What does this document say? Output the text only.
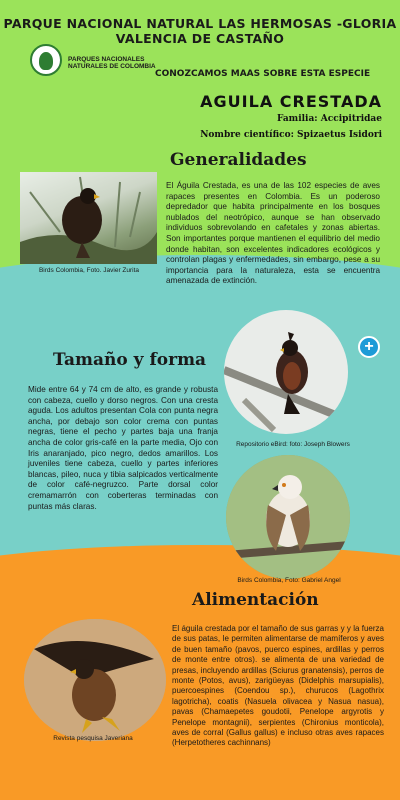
PARQUE NACIONAL NATURAL LAS HERMOSAS -GLORIA
VALENCIA DE CASTAÑO
PARQUES NACIONALES
NATURALES DE COLOMBIA
CONOZCAMOS MAAS SOBRE ESTA ESPECIE
AGUILA CRESTADA
Familia: Accipitridae
Nombre científico: Spizaetus Isidori
Birds Colombia, Foto. Javier Zurita
Generalidades
El Águila Crestada, es una de las 102 especies de aves rapaces presentes en Colombia. Es un poderoso depredador que habita principalmente en los bosques nublados del neotrópico, aunque se han observado individuos sobrevolando en cafetales y zonas abiertas. Son importantes porque mantienen el equilibrio del medio donde habitan, son excelentes indicadores ecológicos y controlan plagas y enfermedades, sin embargo, pese a su importancia para la naturaleza, esta se encuentra amenazada de extinción.
Tamaño y forma
Mide entre 64 y 74 cm de alto, es grande y robusta con cabeza, cuello y dorso negros. Con una cresta aguda. Los adultos presentan Cola con punta negra ancha, por debajo son color crema con puntas negras, tiene el pecho y partes baja una franja ancha de color gris-café en la parte media, Ojo con Iris anaranjado, pico negro, dedos amarillos. Los juveniles tiene cabeza, cuello y partes inferiores blancas, pileo, nuca y tibia salpicados verticalmente de color café-negruzco. Parte dorsal color cremamarrón con coberteras terminadas con puntas más claras.
+
Repositorio eBird: foto: Joseph Blowers
Birds Colombia, Foto: Gabriel Angel
Alimentación
El águila crestada por el tamaño de sus garras y y la fuerza de sus patas, le permiten alimentarse de mamíferos y aves de buen tamaño (pavos, puerco espines, ardillas y perros de monte entre otros). se alimenta de una variedad de presas, incluyendo ardillas (Sciurus granatensis), perros de monte (Potos, avus), zarigüeyas (Didelphis marsupialis), puercoespines (Coendou sp.), churucos (Lagothrix lagotricha), coatis (Nasuela olivacea y Nasua nasua), pavas (Chamaepetes goudotii, Penelope argyrotis y Penelope montagnii), serpientes (Chironius monticola), aves de corral (Gallus gallus) e incluso otras aves rapaces (Herpetotheres cachinnans)
Revista pesquisa Javeriana
